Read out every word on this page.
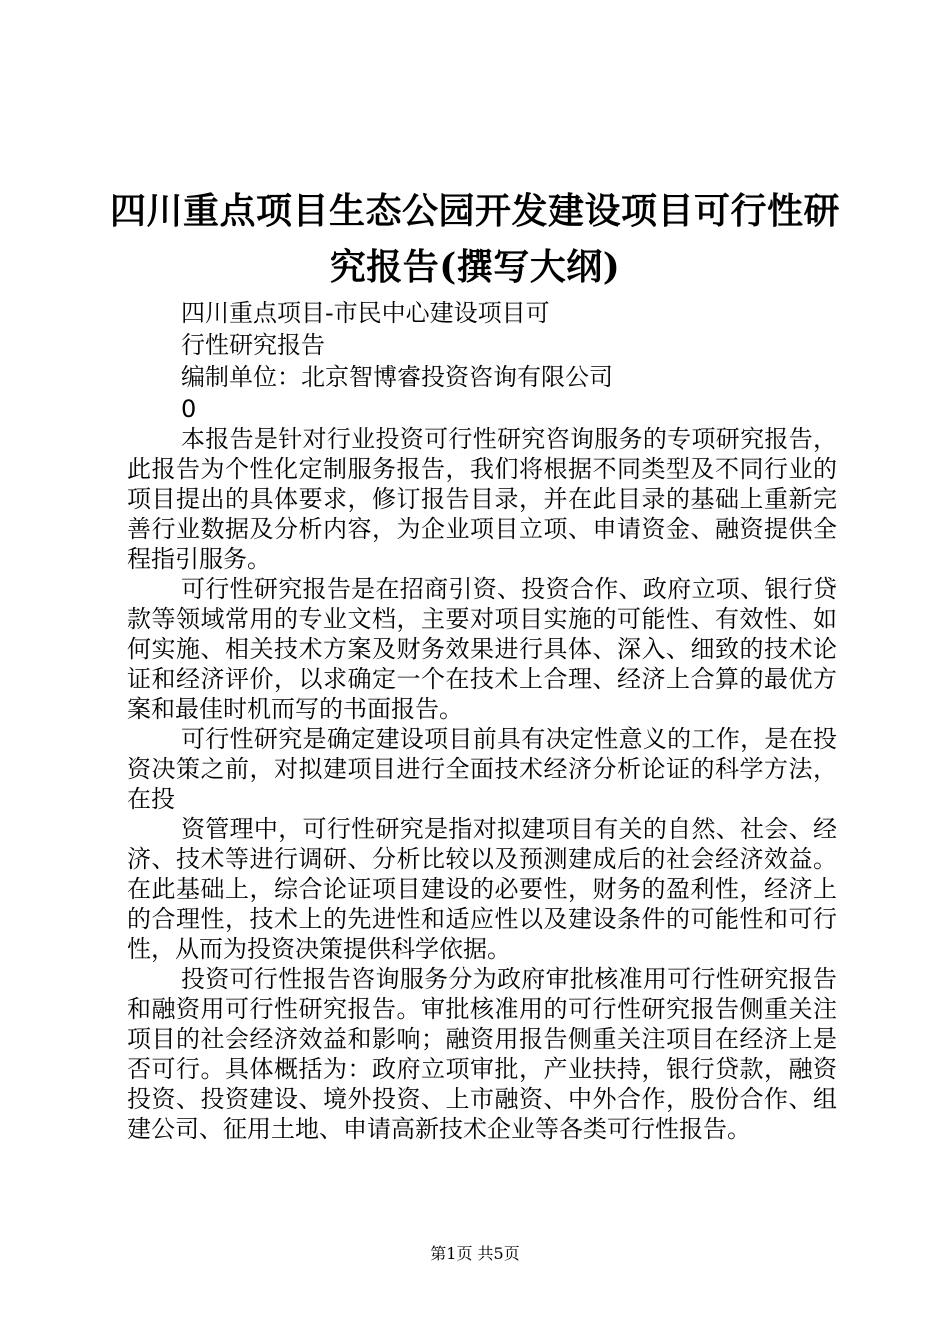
四川重点项目生态公园开发建设项目可行性研
究报告(撰写大纲)
四川重点项目-市民中心建设项目可
行性研究报告
编制单位：北京智博睿投资咨询有限公司
0

本报告是针对行业投资可行性研究咨询服务的专项研究报告，此报告为个性化定制服务报告，我们将根据不同类型及不同行业的项目提出的具体要求，修订报告目录，并在此目录的基础上重新完善行业数据及分析内容，为企业项目立项、申请资金、融资提供全程指引服务。

可行性研究报告是在招商引资、投资合作、政府立项、银行贷款等领域常用的专业文档，主要对项目实施的可能性、有效性、如何实施、相关技术方案及财务效果进行具体、深入、细致的技术论证和经济评价，以求确定一个在技术上合理、经济上合算的最优方案和最佳时机而写的书面报告。

可行性研究是确定建设项目前具有决定性意义的工作，是在投资决策之前，对拟建项目进行全面技术经济分析论证的科学方法，在投

资管理中，可行性研究是指对拟建项目有关的自然、社会、经济、技术等进行调研、分析比较以及预测建成后的社会经济效益。在此基础上，综合论证项目建设的必要性，财务的盈利性，经济上的合理性，技术上的先进性和适应性以及建设条件的可能性和可行性，从而为投资决策提供科学依据。

投资可行性报告咨询服务分为政府审批核准用可行性研究报告和融资用可行性研究报告。审批核准用的可行性研究报告侧重关注项目的社会经济效益和影响；融资用报告侧重关注项目在经济上是否可行。具体概括为：政府立项审批，产业扶持，银行贷款，融资投资、投资建设、境外投资、上市融资、中外合作，股份合作、组建公司、征用土地、申请高新技术企业等各类可行性报告。

第1页 共5页
